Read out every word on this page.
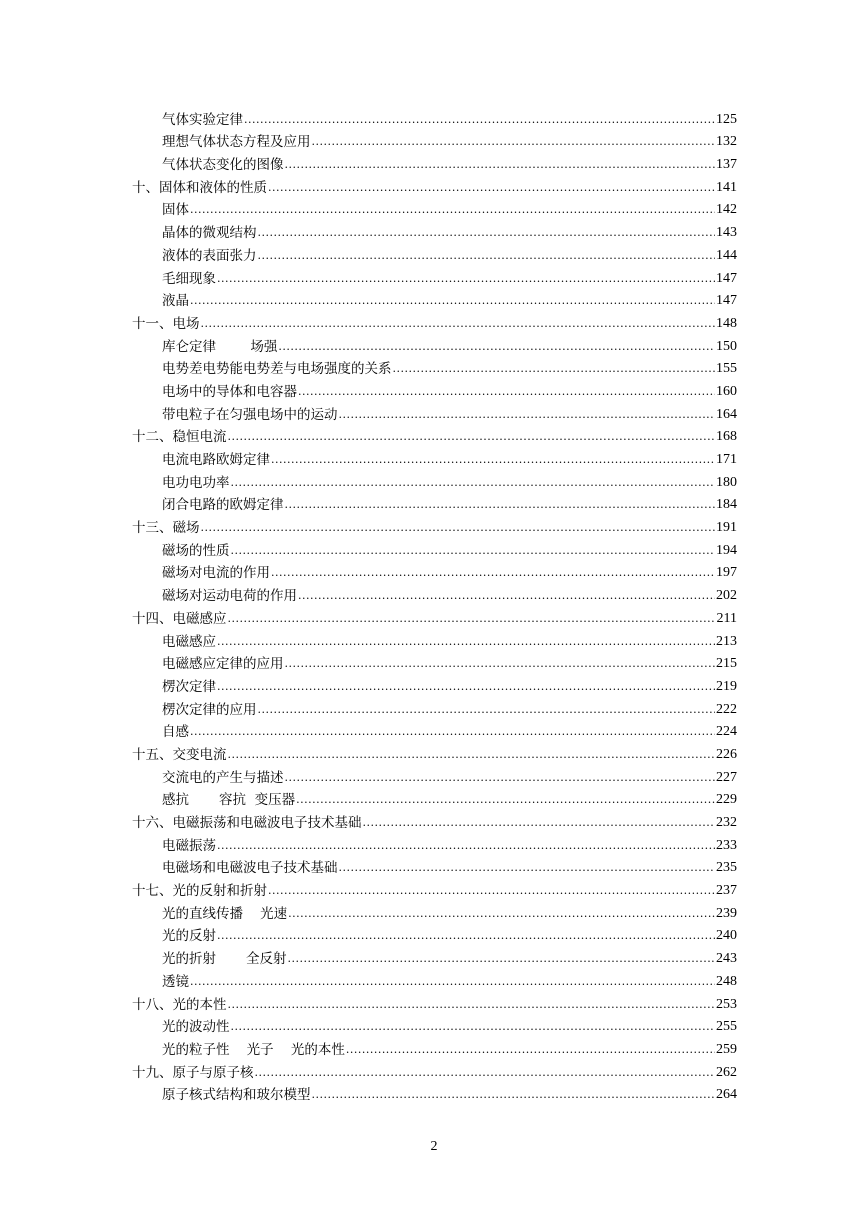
气体实验定律 .....	125
理想气体状态方程及应用 .....	132
气体状态变化的图像 .....	137
十、固体和液体的性质 .....	141
固体 .....	142
晶体的微观结构 .....	143
液体的表面张力 .....	144
毛细现象 .....	147
液晶 .....	147
十一、电场 .....	148
库仑定律        场强 .....	150
电势差电势能电势差与电场强度的关系 .....	155
电场中的导体和电容器 .....	160
带电粒子在匀强电场中的运动 .....	164
十二、稳恒电流 .....	168
电流电路欧姆定律 .....	171
电功电功率 .....	180
闭合电路的欧姆定律 .....	184
十三、磁场 .....	191
磁场的性质 .....	194
磁场对电流的作用 .....	197
磁场对运动电荷的作用 .....	202
十四、电磁感应 .....	211
电磁感应 .....	213
电磁感应定律的应用 .....	215
楞次定律 .....	219
楞次定律的应用 .....	222
自感 .....	224
十五、交变电流 .....	226
交流电的产生与描述 .....	227
感抗       容抗  变压器 .....	229
十六、电磁振荡和电磁波电子技术基础 .....	232
电磁振荡 .....	233
电磁场和电磁波电子技术基础 .....	235
十七、光的反射和折射 .....	237
光的直线传播    光速 .....	239
光的反射 .....	240
光的折射       全反射 .....	243
透镜 .....	248
十八、光的本性 .....	253
光的波动性 .....	255
光的粒子性    光子    光的本性 .....	259
十九、原子与原子核 .....	262
原子核式结构和玻尔模型 .....	264
2
